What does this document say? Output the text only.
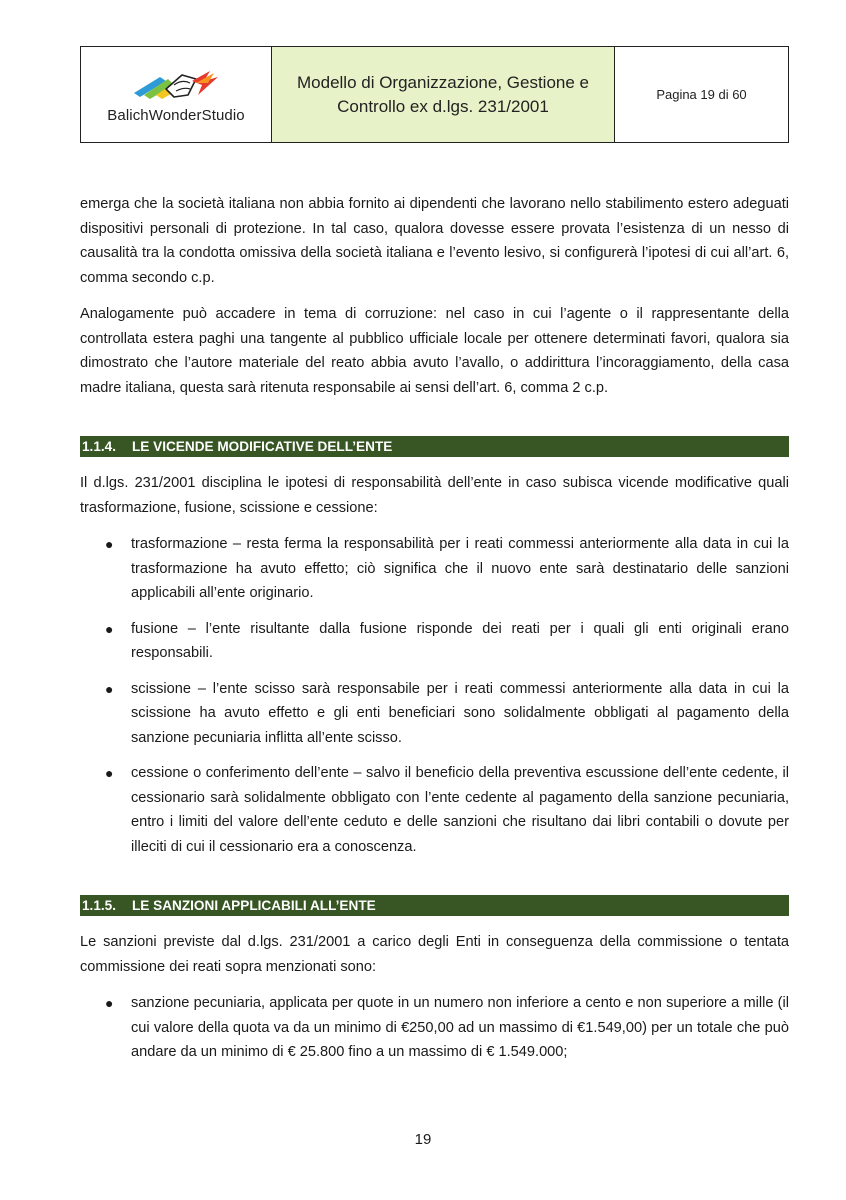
BalichWonderStudio
Modello di Organizzazione, Gestione e
Controllo ex d.lgs. 231/2001
Pagina 19 di 60

emerga che la società italiana non abbia fornito ai dipendenti che lavorano nello stabilimento estero adeguati dispositivi personali di protezione. In tal caso, qualora dovesse essere provata l’esistenza di un nesso di causalità tra la condotta omissiva della società italiana e l’evento lesivo, si configurerà l’ipotesi di cui all’art. 6, comma secondo c.p.

Analogamente può accadere in tema di corruzione: nel caso in cui l’agente o il rappresentante della controllata estera paghi una tangente al pubblico ufficiale locale per ottenere determinati favori, qualora sia dimostrato che l’autore materiale del reato abbia avuto l’avallo, o addirittura l’incoraggiamento, della casa madre italiana, questa sarà ritenuta responsabile ai sensi dell’art. 6, comma 2 c.p.

1.1.4. LE VICENDE MODIFICATIVE DELL’ENTE

Il d.lgs. 231/2001 disciplina le ipotesi di responsabilità dell’ente in caso subisca vicende modificative quali trasformazione, fusione, scissione e cessione:

● trasformazione – resta ferma la responsabilità per i reati commessi anteriormente alla data in cui la trasformazione ha avuto effetto; ciò significa che il nuovo ente sarà destinatario delle sanzioni applicabili all’ente originario.
● fusione – l’ente risultante dalla fusione risponde dei reati per i quali gli enti originali erano responsabili.
● scissione – l’ente scisso sarà responsabile per i reati commessi anteriormente alla data in cui la scissione ha avuto effetto e gli enti beneficiari sono solidalmente obbligati al pagamento della sanzione pecuniaria inflitta all’ente scisso.
● cessione o conferimento dell’ente – salvo il beneficio della preventiva escussione dell’ente cedente, il cessionario sarà solidalmente obbligato con l’ente cedente al pagamento della sanzione pecuniaria, entro i limiti del valore dell’ente ceduto e delle sanzioni che risultano dai libri contabili o dovute per illeciti di cui il cessionario era a conoscenza.
1.1.5. LE SANZIONI APPLICABILI ALL’ENTE

Le sanzioni previste dal d.lgs. 231/2001 a carico degli Enti in conseguenza della commissione o tentata commissione dei reati sopra menzionati sono:

● sanzione pecuniaria, applicata per quote in un numero non inferiore a cento e non superiore a mille (il cui valore della quota va da un minimo di €250,00 ad un massimo di €1.549,00) per un totale che può andare da un minimo di € 25.800 fino a un massimo di € 1.549.000;
19
